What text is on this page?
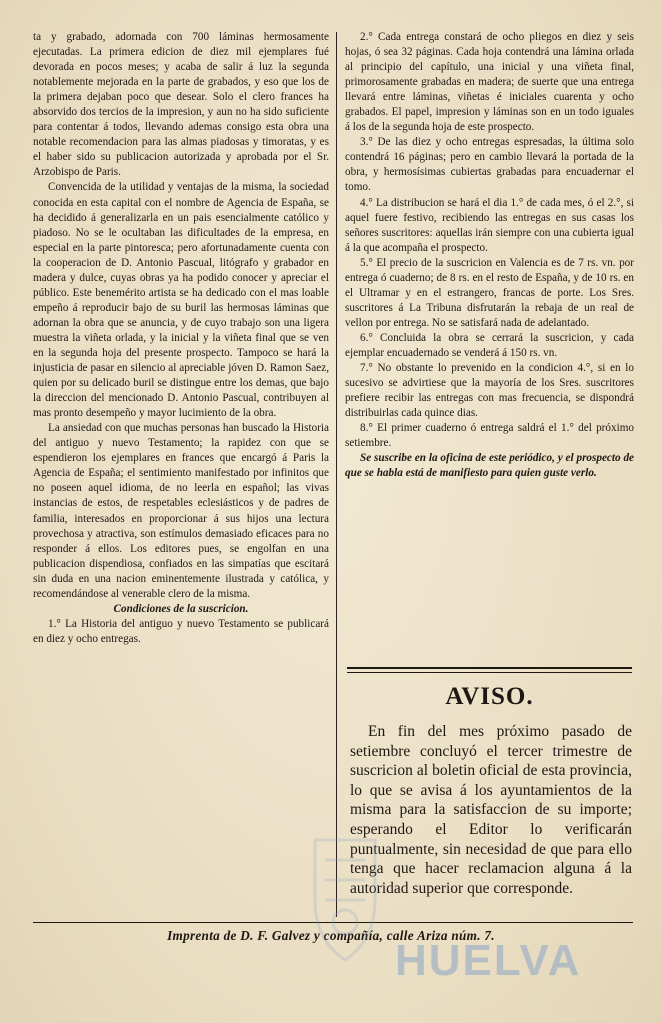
ta y grabado, adornada con 700 láminas hermosamente ejecutadas. La primera edicion de diez mil ejemplares fué devorada en pocos meses; y acaba de salir á luz la segunda notablemente mejorada en la parte de grabados, y eso que los de la primera dejaban poco que desear. Solo el clero frances ha absorvido dos tercios de la impresion, y aun no ha sido suficiente para contentar á todos, llevando ademas consigo esta obra una notable recomendacion para las almas piadosas y timoratas, y es el haber sido su publicacion autorizada y aprobada por el Sr. Arzobispo de Paris.

Convencida de la utilidad y ventajas de la misma, la sociedad conocida en esta capital con el nombre de Agencia de España, se ha decidido á generalizarla en un pais esencialmente católico y piadoso. No se le ocultaban las dificultades de la empresa, en especial en la parte pintoresca; pero afortunadamente cuenta con la cooperacion de D. Antonio Pascual, litógrafo y grabador en madera y dulce, cuyas obras ya ha podido conocer y apreciar el público. Este benemérito artista se ha dedicado con el mas loable empeño á reproducir bajo de su buril las hermosas láminas que adornan la obra que se anuncia, y de cuyo trabajo son una ligera muestra la viñeta orlada, y la inicial y la viñeta final que se ven en la segunda hoja del presente prospecto. Tampoco se hará la injusticia de pasar en silencio al apreciable jóven D. Ramon Saez, quien por su delicado buril se distingue entre los demas, que bajo la direccion del mencionado D. Antonio Pascual, contribuyen al mas pronto desempeño y mayor lucimiento de la obra.

La ansiedad con que muchas personas han buscado la Historia del antiguo y nuevo Testamento; la rapidez con que se espendieron los ejemplares en frances que encargó á Paris la Agencia de España; el sentimiento manifestado por infinitos que no poseen aquel idioma, de no leerla en español; las vivas instancias de estos, de respetables eclesiásticos y de padres de familia, interesados en proporcionar á sus hijos una lectura provechosa y atractiva, son estímulos demasiado eficaces para no responder á ellos. Los editores pues, se engolfan en una publicacion dispendiosa, confiados en las simpatías que escitará sin duda en una nacion eminentemente ilustrada y católica, y recomendándose al venerable clero de la misma.

Condiciones de la suscricion.

1.° La Historia del antiguo y nuevo Testamento se publicará en diez y ocho entregas.

2.° Cada entrega constará de ocho pliegos en diez y seis hojas, ó sea 32 páginas. Cada hoja contendrá una lámina orlada al principio del capítulo, una inicial y una viñeta final, primorosamente grabadas en madera; de suerte que una entrega llevará entre láminas, viñetas é iniciales cuarenta y ocho grabados. El papel, impresion y láminas son en un todo iguales á los de la segunda hoja de este prospecto.

3.° De las diez y ocho entregas espresadas, la última solo contendrá 16 páginas; pero en cambio llevará la portada de la obra, y hermosísimas cubiertas grabadas para encuadernar el tomo.

4.° La distribucion se hará el dia 1.° de cada mes, ó el 2.°, si aquel fuere festivo, recibiendo las entregas en sus casas los señores suscritores: aquellas irán siempre con una cubierta igual á la que acompaña el prospecto.

5.° El precio de la suscricion en Valencia es de 7 rs. vn. por entrega ó cuaderno; de 8 rs. en el resto de España, y de 10 rs. en el Ultramar y en el estrangero, francas de porte. Los Sres. suscritores á La Tribuna disfrutarán la rebaja de un real de vellon por entrega. No se satisfará nada de adelantado.

6.° Concluida la obra se cerrará la suscricion, y cada ejemplar encuadernado se venderá á 150 rs. vn.

7.° No obstante lo prevenido en la condicion 4.°, si en lo sucesivo se advirtiese que la mayoría de los Sres. suscritores prefiere recibir las entregas con mas frecuencia, se dispondrá distribuirlas cada quince dias.

8.° El primer cuaderno ó entrega saldrá el 1.° del próximo setiembre.

Se suscribe en la oficina de este periódico, y el prospecto de que se habla está de manifiesto para quien guste verlo.

AVISO.

En fin del mes próximo pasado de setiembre concluyó el tercer trimestre de suscricion al boletin oficial de esta provincia, lo que se avisa á los ayuntamientos de la misma para la satisfaccion de su importe; esperando el Editor lo verificarán puntualmente, sin necesidad de que para ello tenga que hacer reclamacion alguna á la autoridad superior que corresponde.

Imprenta de D. F. Galvez y compañía, calle Ariza núm. 7.
HUELVA
